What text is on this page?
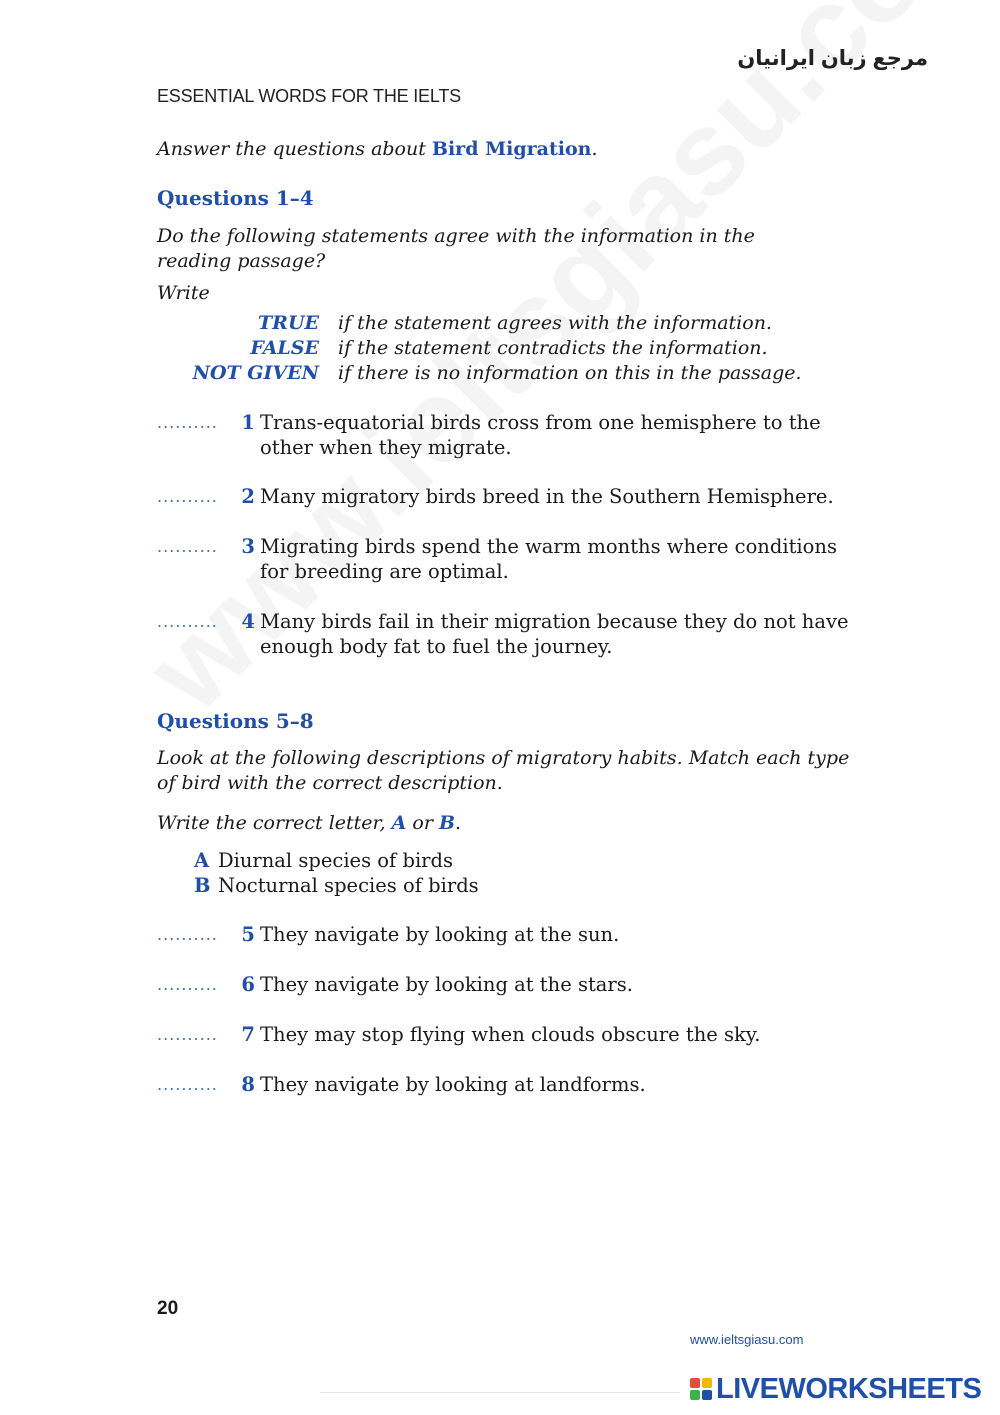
مرجع زبان ایرانیان
ESSENTIAL WORDS FOR THE IELTS
Answer the questions about Bird Migration.
Questions 1–4
Do the following statements agree with the information in the
reading passage?
Write
TRUE if the statement agrees with the information.
FALSE if the statement contradicts the information.
NOT GIVEN if there is no information on this in the passage.
.......... 1 Trans-equatorial birds cross from one hemisphere to the
other when they migrate.
.......... 2 Many migratory birds breed in the Southern Hemisphere.
.......... 3 Migrating birds spend the warm months where conditions
for breeding are optimal.
.......... 4 Many birds fail in their migration because they do not have
enough body fat to fuel the journey.
Questions 5–8
Look at the following descriptions of migratory habits. Match each type
of bird with the correct description.
Write the correct letter, A or B.
A Diurnal species of birds
B Nocturnal species of birds
.......... 5 They navigate by looking at the sun.
.......... 6 They navigate by looking at the stars.
.......... 7 They may stop flying when clouds obscure the sky.
.......... 8 They navigate by looking at landforms.
20
www.ieltsgiasu.com
LIVEWORKSHEETS
